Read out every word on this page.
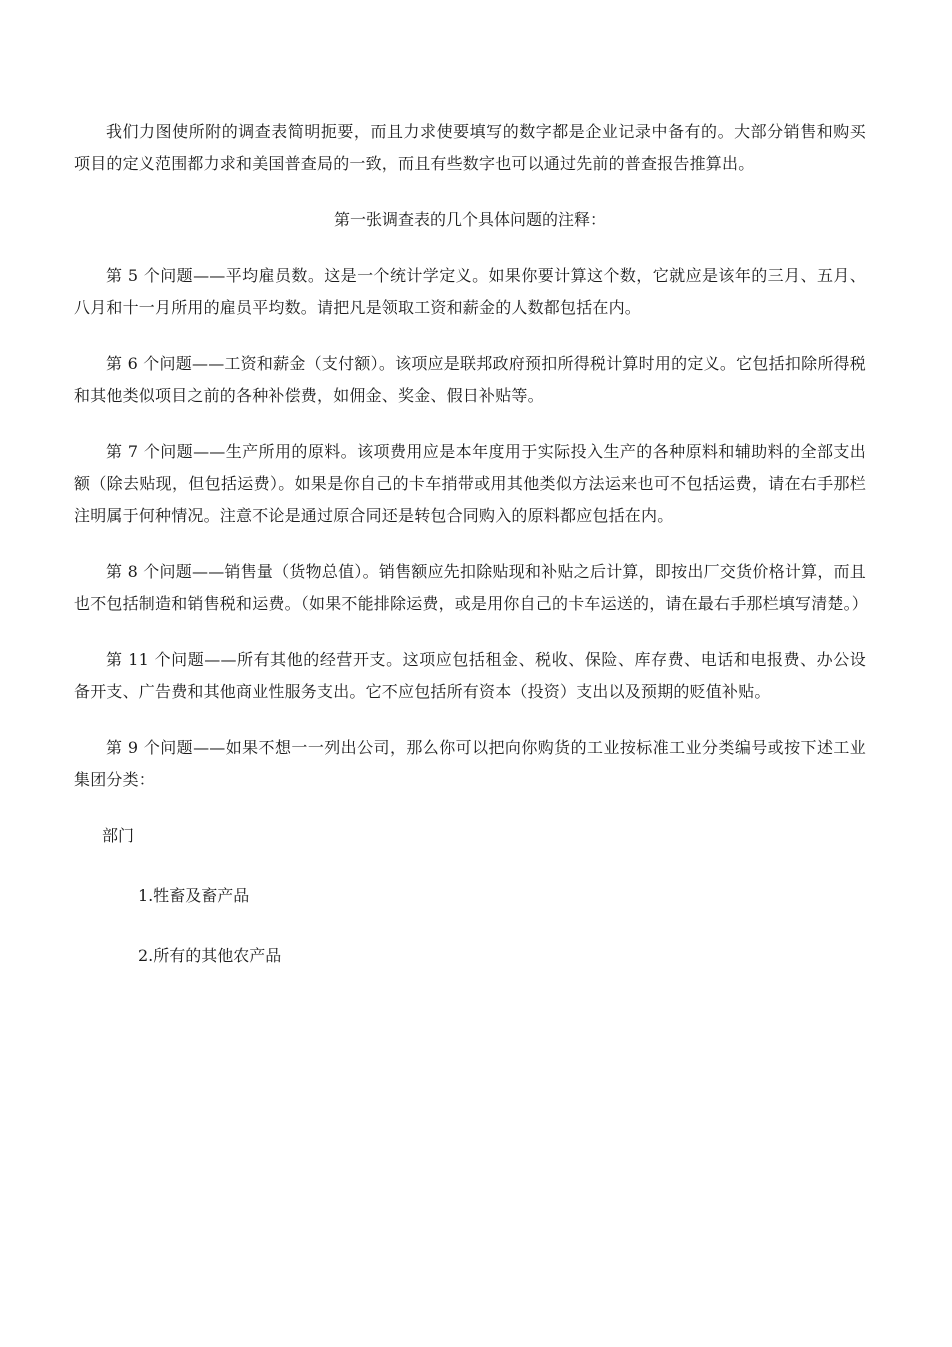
我们力图使所附的调查表简明扼要，而且力求使要填写的数字都是企业记录中备有的。大部分销售和购买项目的定义范围都力求和美国普查局的一致，而且有些数字也可以通过先前的普查报告推算出。

第一张调查表的几个具体问题的注释：

第 5 个问题——平均雇员数。这是一个统计学定义。如果你要计算这个数，它就应是该年的三月、五月、八月和十一月所用的雇员平均数。请把凡是领取工资和薪金的人数都包括在内。

第 6 个问题——工资和薪金（支付额）。该项应是联邦政府预扣所得税计算时用的定义。它包括扣除所得税和其他类似项目之前的各种补偿费，如佣金、奖金、假日补贴等。

第 7 个问题——生产所用的原料。该项费用应是本年度用于实际投入生产的各种原料和辅助料的全部支出额（除去贴现，但包括运费）。如果是你自己的卡车捎带或用其他类似方法运来也可不包括运费，请在右手那栏注明属于何种情况。注意不论是通过原合同还是转包合同购入的原料都应包括在内。

第 8 个问题——销售量（货物总值）。销售额应先扣除贴现和补贴之后计算，即按出厂交货价格计算，而且也不包括制造和销售税和运费。（如果不能排除运费，或是用你自己的卡车运送的，请在最右手那栏填写清楚。）

第 11 个问题——所有其他的经营开支。这项应包括租金、税收、保险、库存费、电话和电报费、办公设备开支、广告费和其他商业性服务支出。它不应包括所有资本（投资）支出以及预期的贬值补贴。

第 9 个问题——如果不想一一列出公司，那么你可以把向你购货的工业按标准工业分类编号或按下述工业集团分类：

部门

1.牲畜及畜产品
2.所有的其他农产品
